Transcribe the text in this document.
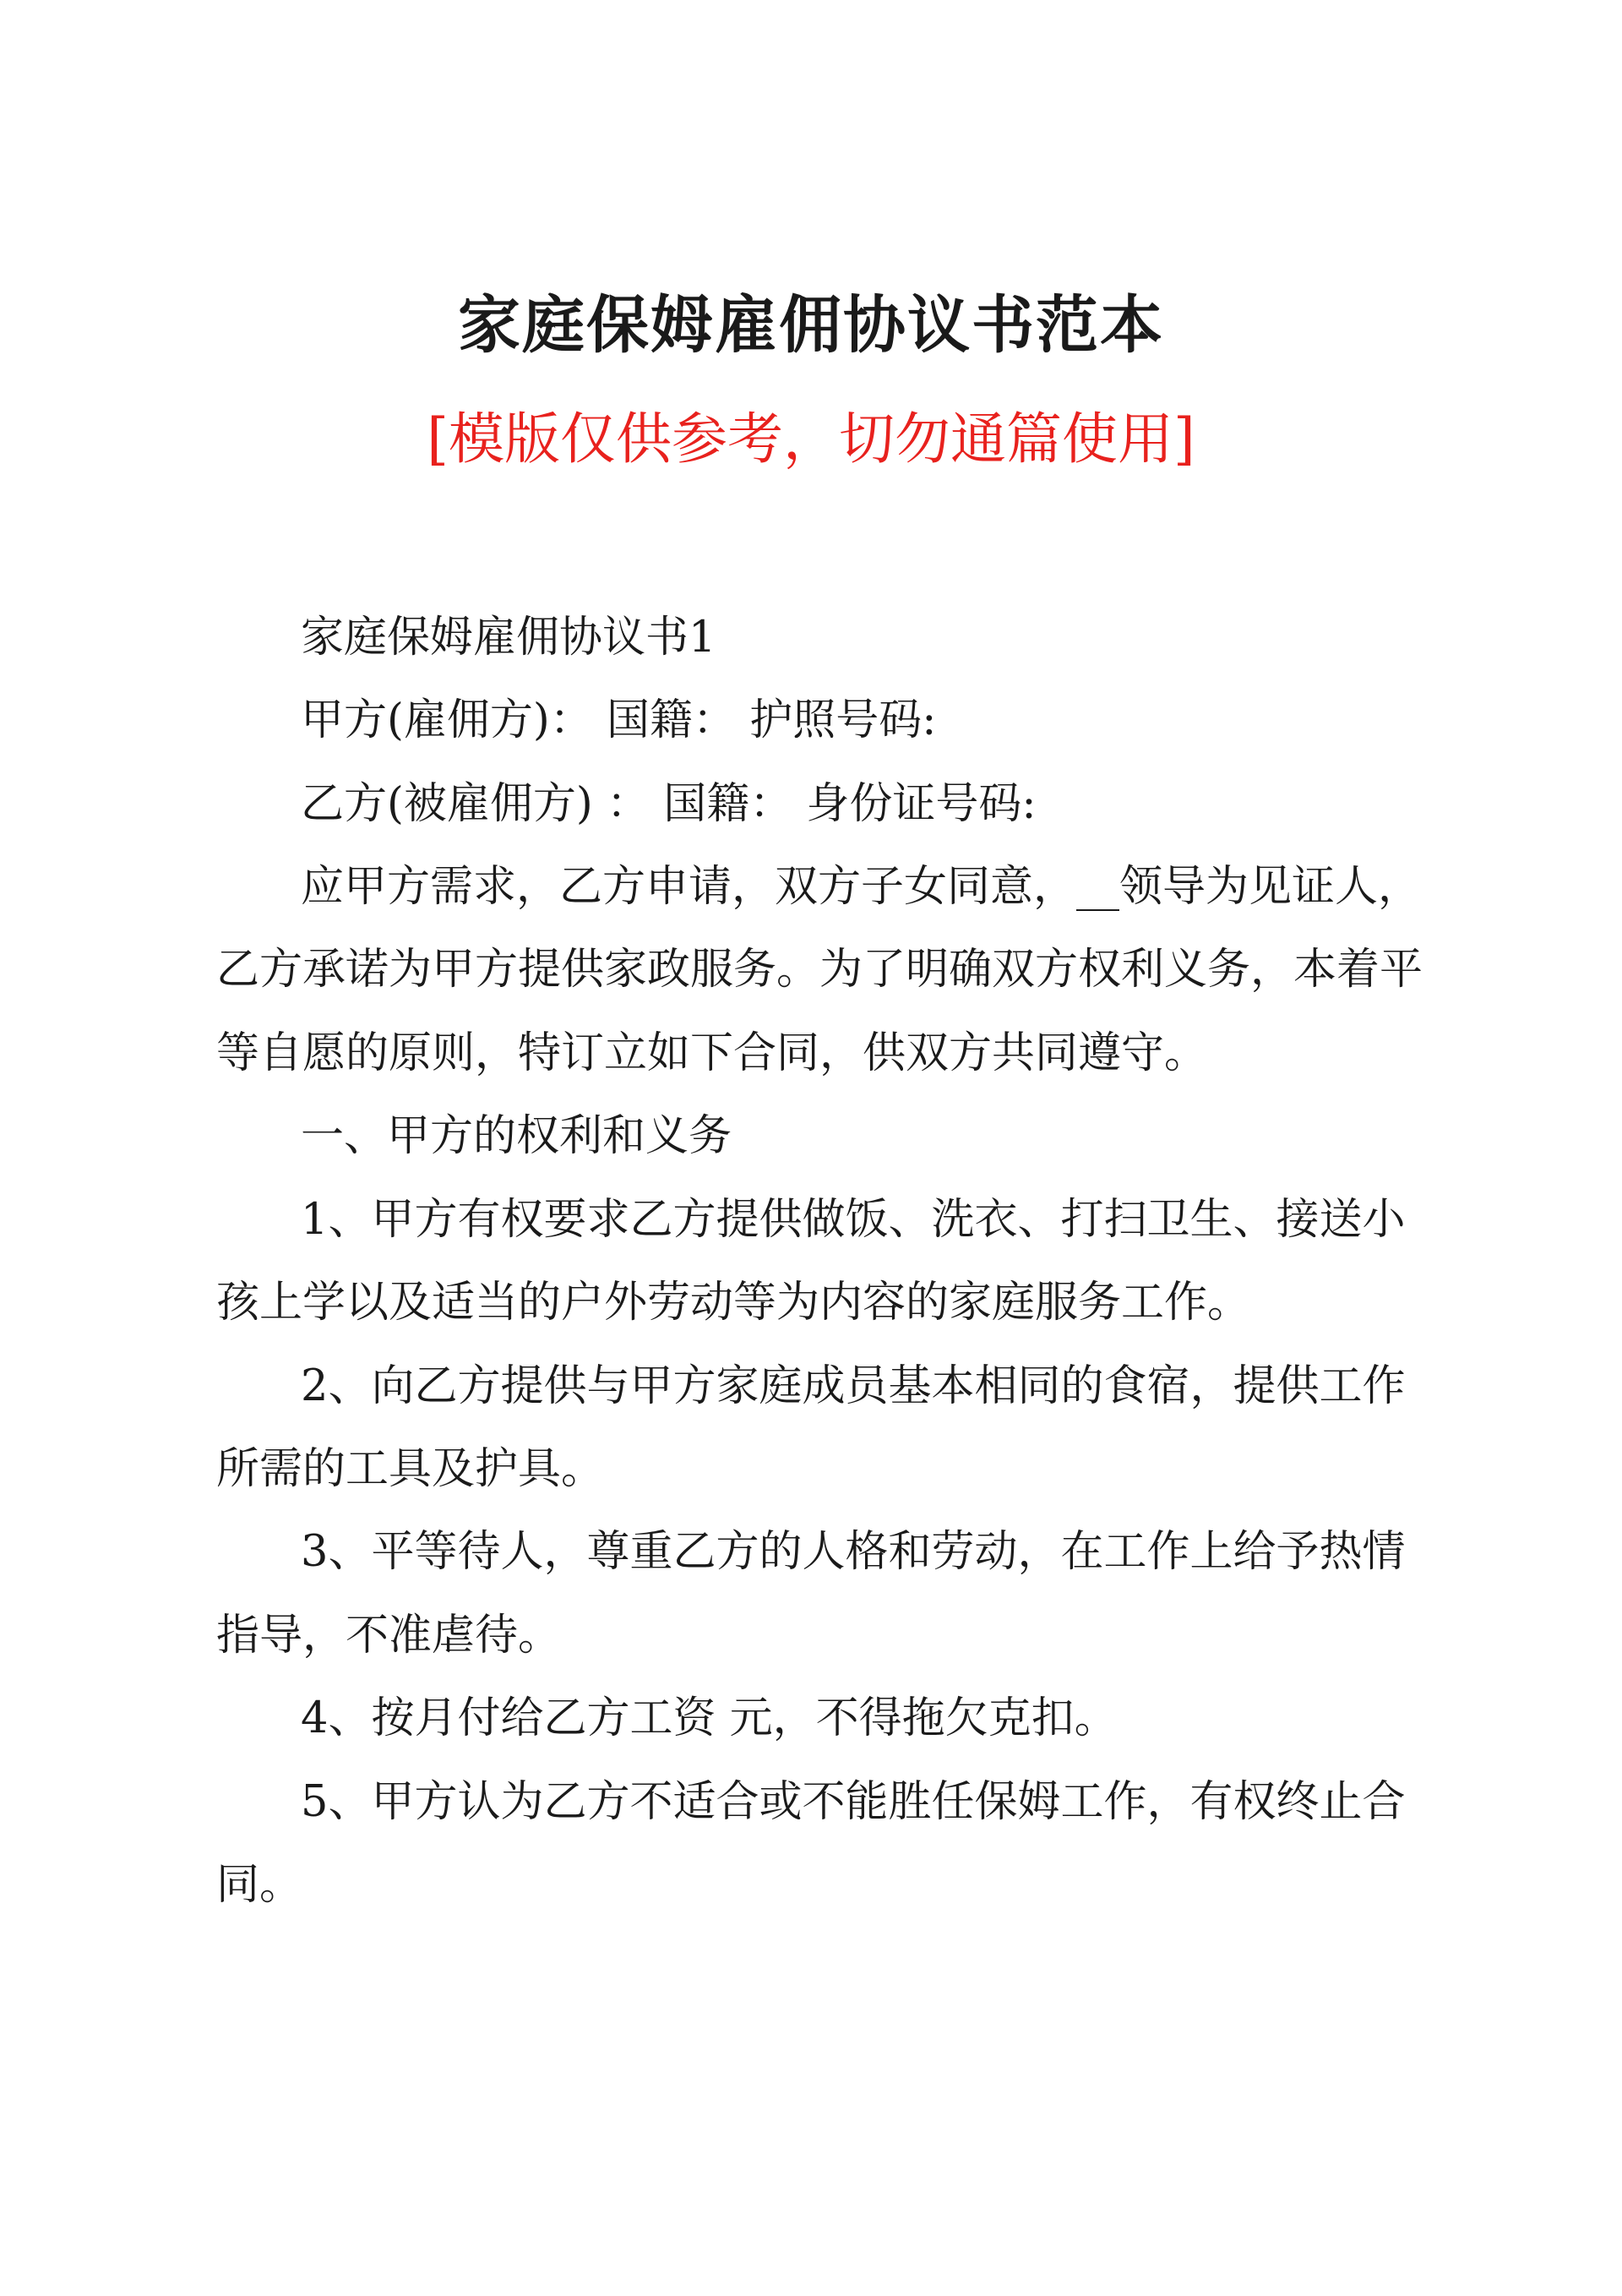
家庭保姆雇佣协议书范本
[模版仅供参考，切勿通篇使用]
家庭保姆雇佣协议书1
甲方(雇佣方)： 国籍： 护照号码:
乙方(被雇佣方) ： 国籍： 身份证号码:
应甲方需求，乙方申请，双方子女同意，__领导为见证人，
乙方承诺为甲方提供家政服务。为了明确双方权利义务，本着平
等自愿的原则，特订立如下合同，供双方共同遵守。
一、甲方的权利和义务
1、甲方有权要求乙方提供做饭、洗衣、打扫卫生、接送小
孩上学以及适当的户外劳动等为内容的家庭服务工作。
2、向乙方提供与甲方家庭成员基本相同的食宿，提供工作
所需的工具及护具。
3、平等待人，尊重乙方的人格和劳动，在工作上给予热情
指导，不准虐待。
4、按月付给乙方工资 元，不得拖欠克扣。
5、甲方认为乙方不适合或不能胜任保姆工作，有权终止合
同。
